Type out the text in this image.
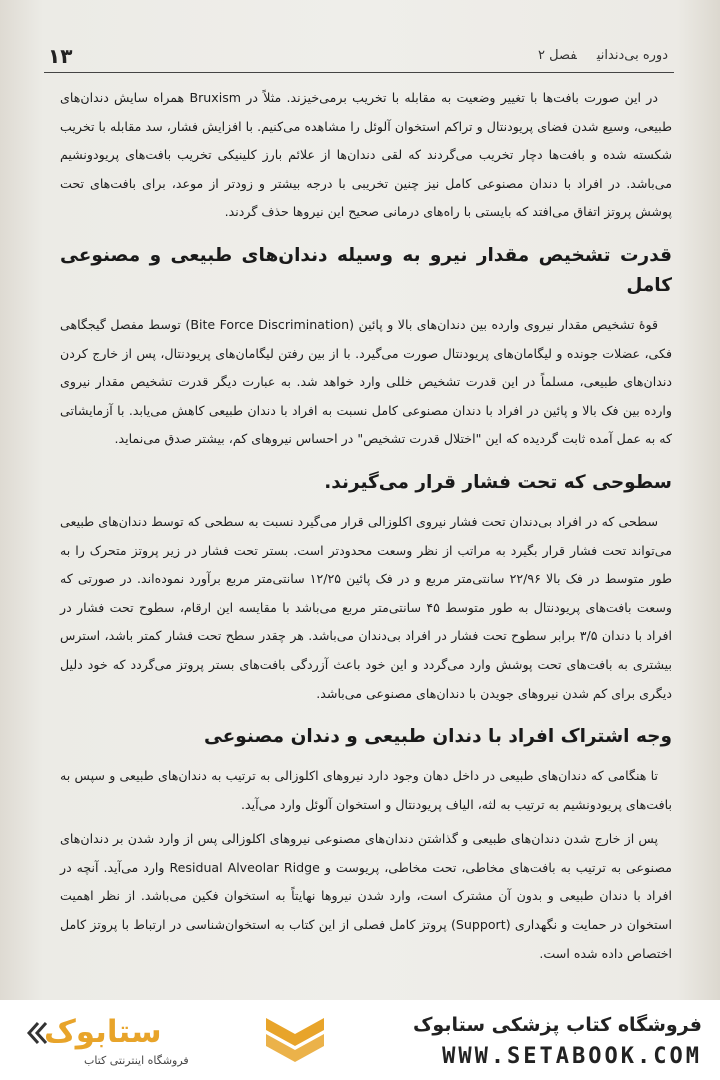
۱۳	دوره بی‌دندانیفصل ۲

در این صورت بافت‌ها با تغییر وضعیت به مقابله با تخریب برمی‌خیزند. مثلاً در Bruxism همراه سایش دندان‌های طبیعی، وسیع شدن فضای پریودنتال و تراکم استخوان آلوئل را مشاهده می‌کنیم. با افزایش فشار، سد مقابله با تخریب شکسته شده و بافت‌ها دچار تخریب می‌گردند که لقی دندان‌ها از علائم بارز کلینیکی تخریب بافت‌های پریودونشیم می‌باشد. در افراد با دندان مصنوعی کامل نیز چنین تخریبی با درجه بیشتر و زودتر از موعد، برای بافت‌های تحت پوشش پروتز اتفاق می‌افتد که بایستی با راه‌های درمانی صحیح این نیروها حذف گردند.

قدرت تشخیص مقدار نیرو به وسیله دندان‌های طبیعی و مصنوعی کامل

قوهٔ تشخیص مقدار نیروی وارده بین دندان‌های بالا و پائین (Bite Force Discrimination) توسط مفصل گیجگاهی فکی، عضلات جونده و لیگامان‌های پریودنتال صورت می‌گیرد. با از بین رفتن لیگامان‌های پریودنتال، پس از خارج کردن دندان‌های طبیعی، مسلماً در این قدرت تشخیص خللی وارد خواهد شد. به عبارت دیگر قدرت تشخیص مقدار نیروی وارده بین فک بالا و پائین در افراد با دندان مصنوعی کامل نسبت به افراد با دندان طبیعی کاهش می‌یابد. با آزمایشاتی که به عمل آمده ثابت گردیده که این "اختلال قدرت تشخیص" در احساس نیروهای کم، بیشتر صدق می‌نماید.

سطوحی که تحت فشار قرار می‌گیرند.

سطحی که در افراد بی‌دندان تحت فشار نیروی اکلوزالی قرار می‌گیرد نسبت به سطحی که توسط دندان‌های طبیعی می‌تواند تحت فشار قرار بگیرد به مراتب از نظر وسعت محدودتر است. بستر تحت فشار در زیر پروتز متحرک را به طور متوسط در فک بالا ۲۲/۹۶ سانتی‌متر مربع و در فک پائین ۱۲/۲۵ سانتی‌متر مربع برآورد نموده‌اند. در صورتی که وسعت بافت‌های پریودنتال به طور متوسط ۴۵ سانتی‌متر مربع می‌باشد با مقایسه این ارقام، سطوح تحت فشار در افراد با دندان ۳/۵ برابر سطوح تحت فشار در افراد بی‌دندان می‌باشد. هر چقدر سطح تحت فشار کمتر باشد، استرس بیشتری به بافت‌های تحت پوشش وارد می‌گردد و این خود باعث آزردگی بافت‌های بستر پروتز می‌گردد که خود دلیل دیگری برای کم شدن نیروهای جویدن با دندان‌های مصنوعی می‌باشد.

وجه اشتراک افراد با دندان طبیعی و دندان مصنوعی

تا هنگامی که دندان‌های طبیعی در داخل دهان وجود دارد نیروهای اکلوزالی به ترتیب به دندان‌های طبیعی و سپس به بافت‌های پریودونشیم به ترتیب به لثه، الیاف پریودنتال و استخوان آلوئل وارد می‌آید.

پس از خارج شدن دندان‌های طبیعی و گذاشتن دندان‌های مصنوعی نیروهای اکلوزالی پس از وارد شدن بر دندان‌های مصنوعی به ترتیب به بافت‌های مخاطی، تحت مخاطی، پریوست و Residual Alveolar Ridge وارد می‌آید. آنچه در افراد با دندان طبیعی و بدون آن مشترک است، وارد شدن نیروها نهایتاً به استخوان فکین می‌باشد. از نظر اهمیت استخوان در حمایت و نگهداری (Support) پروتز کامل فصلی از این کتاب به استخوان‌شناسی در ارتباط با پروتز کامل اختصاص داده شده است.

فروشگاه کتاب پزشکی ستابوک
WWW.SETABOOK.COM
ستابوک
فروشگاه اینترنتی کتاب
